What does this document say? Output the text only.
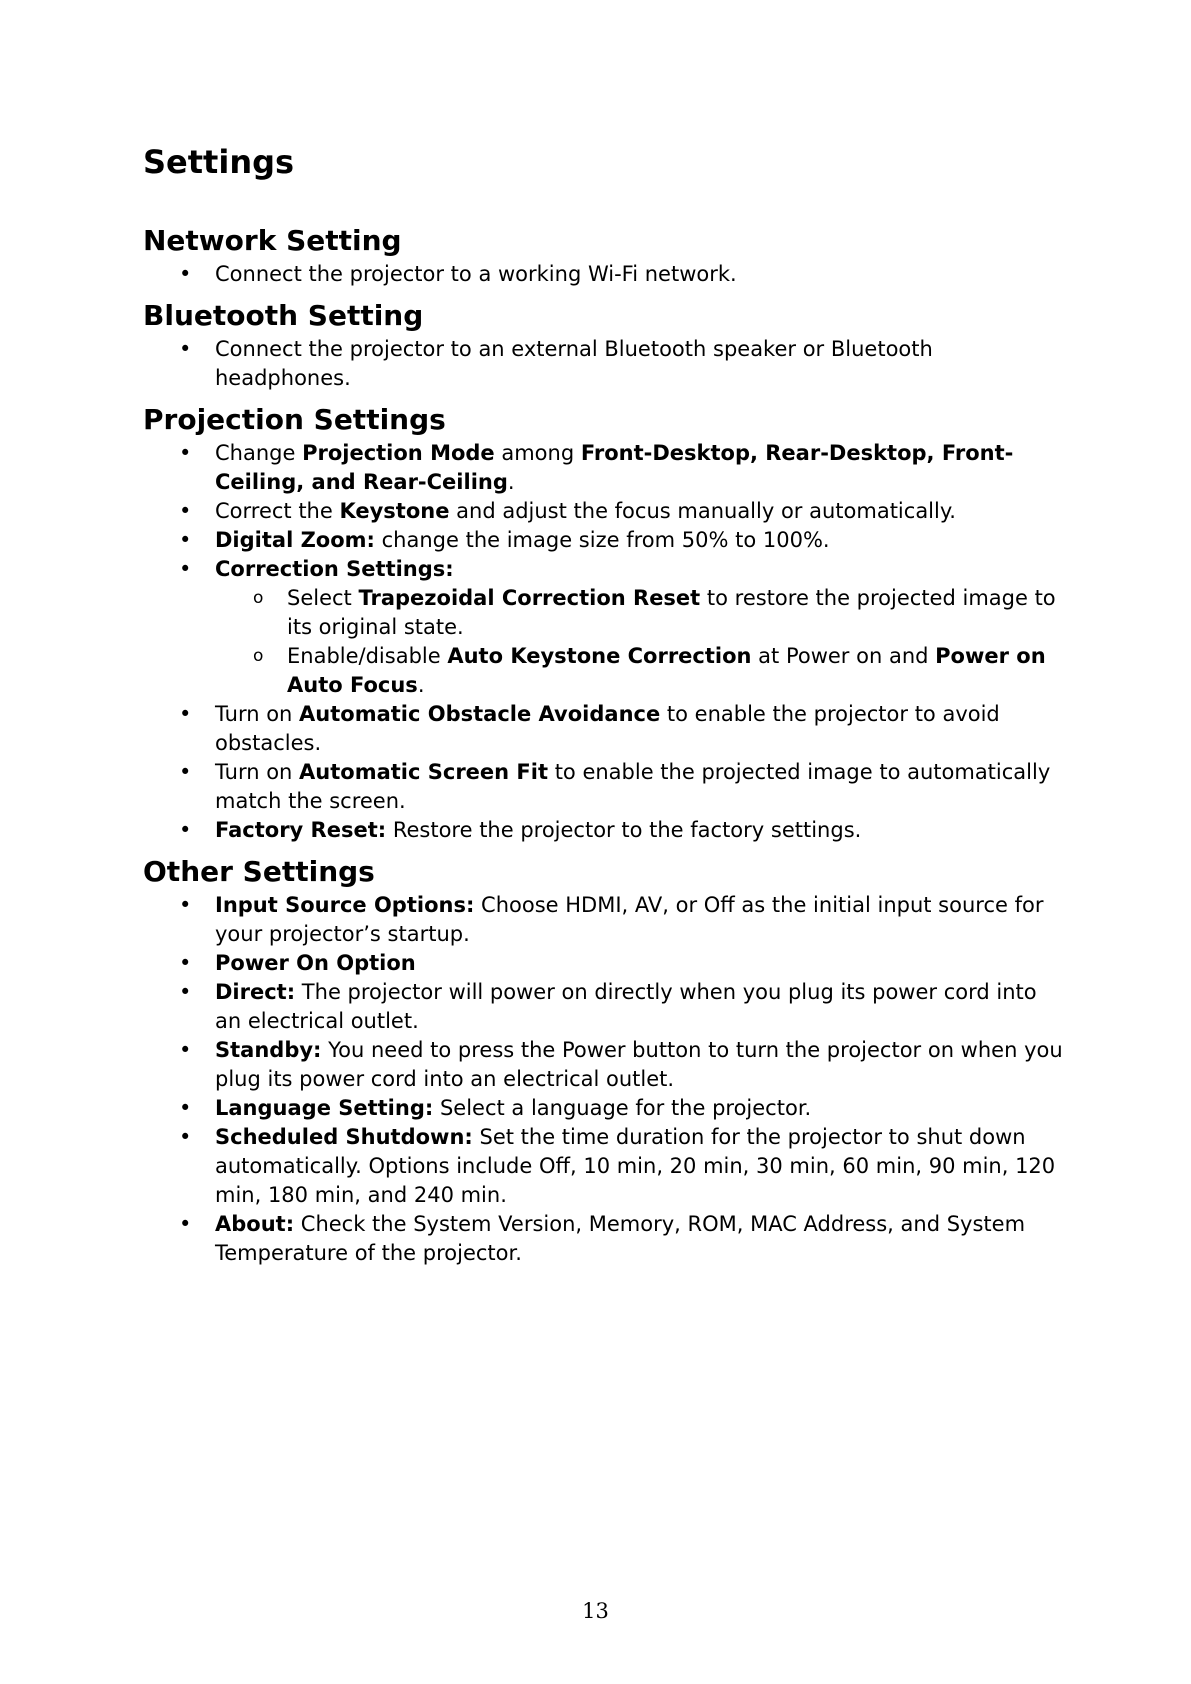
Settings
Network Setting
• Connect the projector to a working Wi-Fi network.
Bluetooth Setting
• Connect the projector to an external Bluetooth speaker or Bluetooth headphones.
Projection Settings
• Change Projection Mode among Front-Desktop, Rear-Desktop, Front-Ceiling, and Rear-Ceiling.
• Correct the Keystone and adjust the focus manually or automatically.
• Digital Zoom: change the image size from 50% to 100%.
• Correction Settings:
o Select Trapezoidal Correction Reset to restore the projected image to its original state.
o Enable/disable Auto Keystone Correction at Power on and Power on Auto Focus.
• Turn on Automatic Obstacle Avoidance to enable the projector to avoid obstacles.
• Turn on Automatic Screen Fit to enable the projected image to automatically match the screen.
• Factory Reset: Restore the projector to the factory settings.
Other Settings
• Input Source Options: Choose HDMI, AV, or Off as the initial input source for your projector’s startup.
• Power On Option
• Direct: The projector will power on directly when you plug its power cord into an electrical outlet.
• Standby: You need to press the Power button to turn the projector on when you plug its power cord into an electrical outlet.
• Language Setting: Select a language for the projector.
• Scheduled Shutdown: Set the time duration for the projector to shut down automatically. Options include Off, 10 min, 20 min, 30 min, 60 min, 90 min, 120 min, 180 min, and 240 min.
• About: Check the System Version, Memory, ROM, MAC Address, and System Temperature of the projector.
13
